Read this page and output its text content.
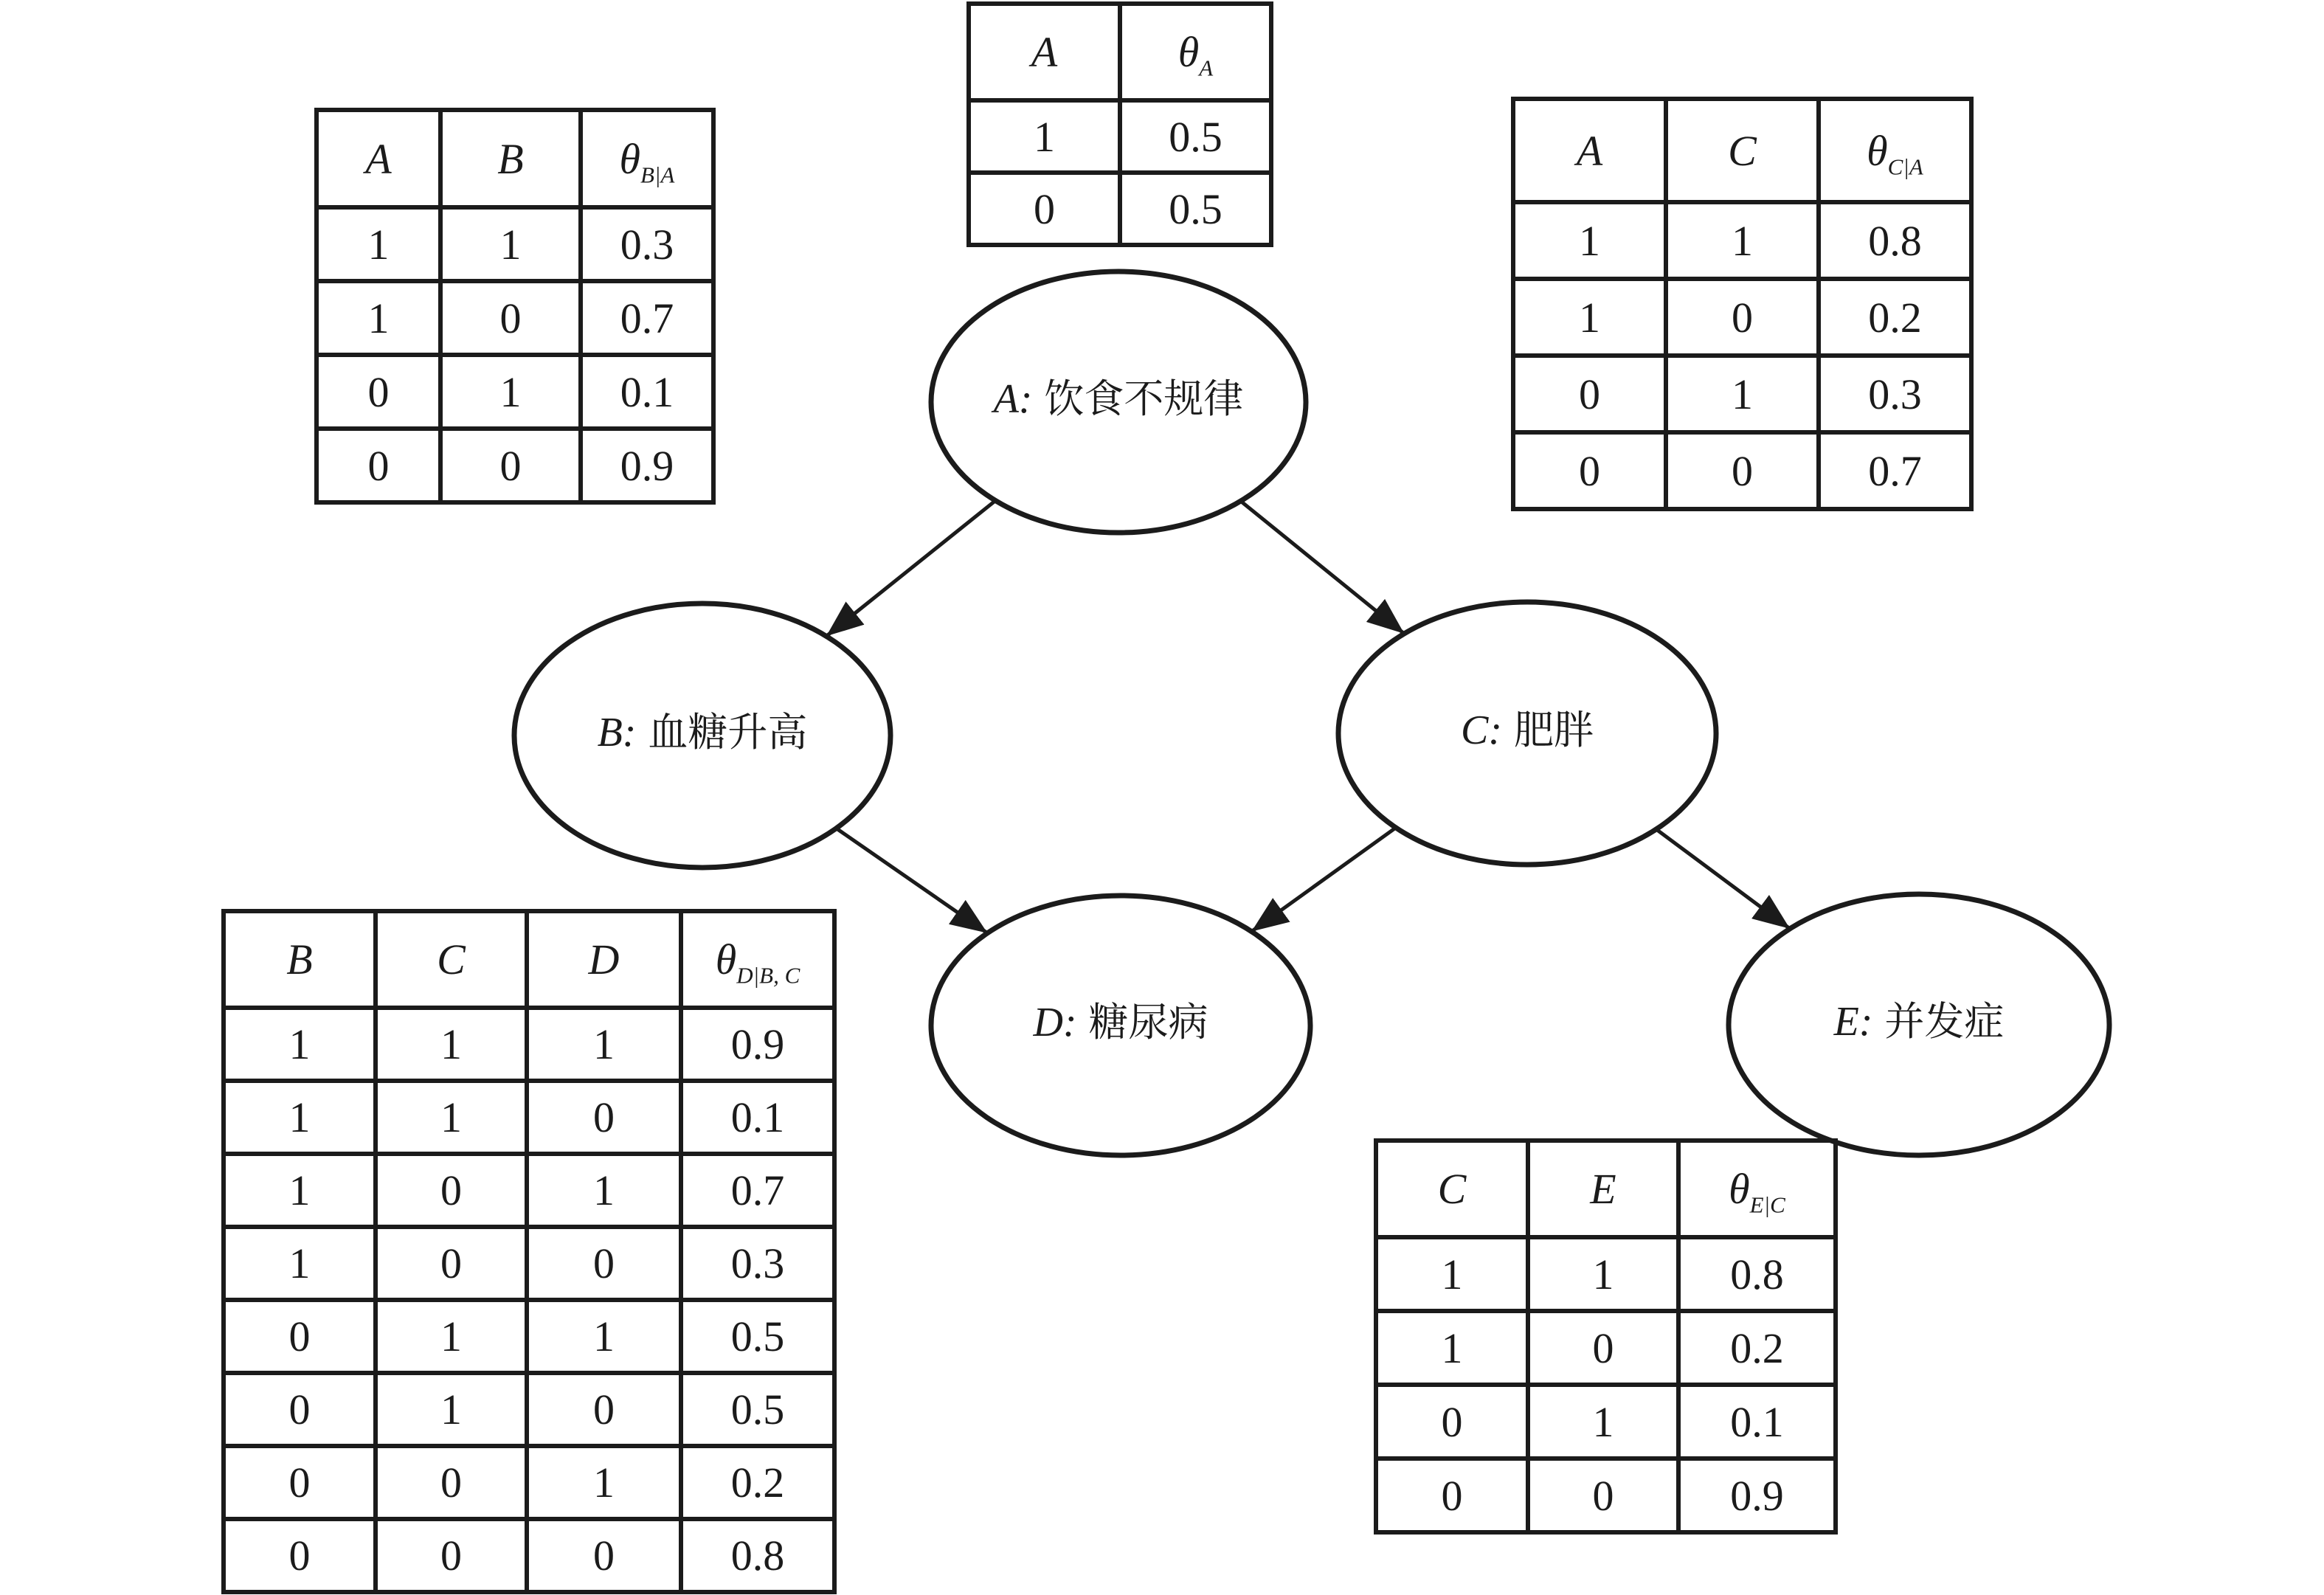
A	$\theta_A$
1	0.5
0	0.5
A	B	$\theta_{B|A}$
1	1	0.3
1	0	0.7
0	1	0.1
0	0	0.9
A	C	$\theta_{C|A}$
1	1	0.8
1	0	0.2
0	1	0.3
0	0	0.7
B	C	D	$\theta_{D|B, C}$
1	1	1	0.9
1	1	0	0.1
1	0	1	0.7
1	0	0	0.3
0	1	1	0.5
0	1	0	0.5
0	0	1	0.2
0	0	0	0.8
C	E	$\theta_{E|C}$
1	1	0.8
1	0	0.2
0	1	0.1
0	0	0.9
A: 饮食不规律
B: 血糖升高	C: 肥胖
D: 糖尿病	E: 并发症
